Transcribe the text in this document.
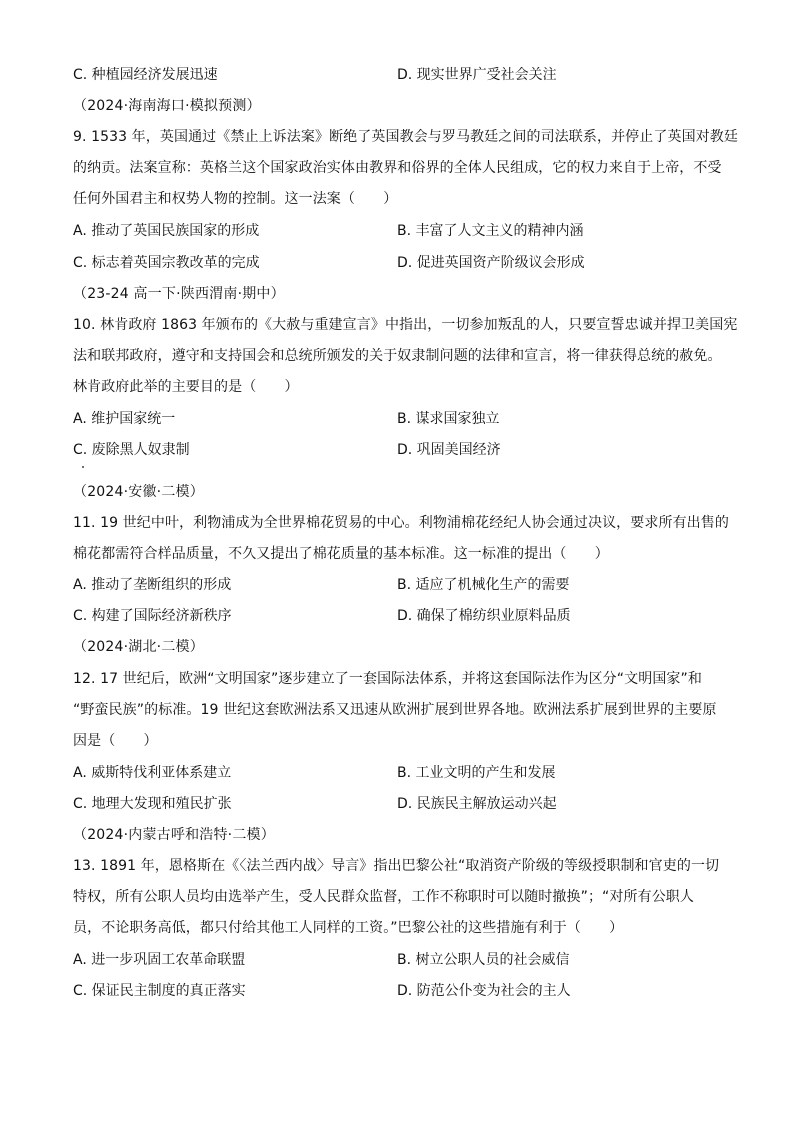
C. 种植园经济发展迅速	D. 现实世界广受社会关注
（2024·海南海口·模拟预测）
9. 1533 年，英国通过《禁止上诉法案》断绝了英国教会与罗马教廷之间的司法联系，并停止了英国对教廷
的纳贡。法案宣称：英格兰这个国家政治实体由教界和俗界的全体人民组成，它的权力来自于上帝，不受
任何外国君主和权势人物的控制。这一法案（　　）
A. 推动了英国民族国家的形成	B. 丰富了人文主义的精神内涵
C. 标志着英国宗教改革的完成	D. 促进英国资产阶级议会形成
（23-24 高一下·陕西渭南·期中）
10. 林肯政府 1863 年颁布的《大赦与重建宣言》中指出，一切参加叛乱的人，只要宣誓忠诚并捍卫美国宪
法和联邦政府，遵守和支持国会和总统所颁发的关于奴隶制问题的法律和宣言，将一律获得总统的赦免。
林肯政府此举的主要目的是（　　）
A. 维护国家统一	B. 谋求国家独立
C. 废除黑人奴隶制	D. 巩固美国经济
（2024·安徽·二模）
11. 19 世纪中叶，利物浦成为全世界棉花贸易的中心。利物浦棉花经纪人协会通过决议，要求所有出售的
棉花都需符合样品质量，不久又提出了棉花质量的基本标准。这一标准的提出（　　）
A. 推动了垄断组织的形成	B. 适应了机械化生产的需要
C. 构建了国际经济新秩序	D. 确保了棉纺织业原料品质
（2024·湖北·二模）
12. 17 世纪后，欧洲“文明国家”逐步建立了一套国际法体系，并将这套国际法作为区分“文明国家”和
“野蛮民族”的标准。19 世纪这套欧洲法系又迅速从欧洲扩展到世界各地。欧洲法系扩展到世界的主要原
因是（　　）
A. 威斯特伐利亚体系建立	B. 工业文明的产生和发展
C. 地理大发现和殖民扩张	D. 民族民主解放运动兴起
（2024·内蒙古呼和浩特·二模）
13. 1891 年，恩格斯在《〈法兰西内战〉导言》指出巴黎公社“取消资产阶级的等级授职制和官吏的一切
特权，所有公职人员均由选举产生，受人民群众监督，工作不称职时可以随时撤换”；“对所有公职人
员，不论职务高低，都只付给其他工人同样的工资。”巴黎公社的这些措施有利于（　　）
A. 进一步巩固工农革命联盟	B. 树立公职人员的社会威信
C. 保证民主制度的真正落实	D. 防范公仆变为社会的主人
